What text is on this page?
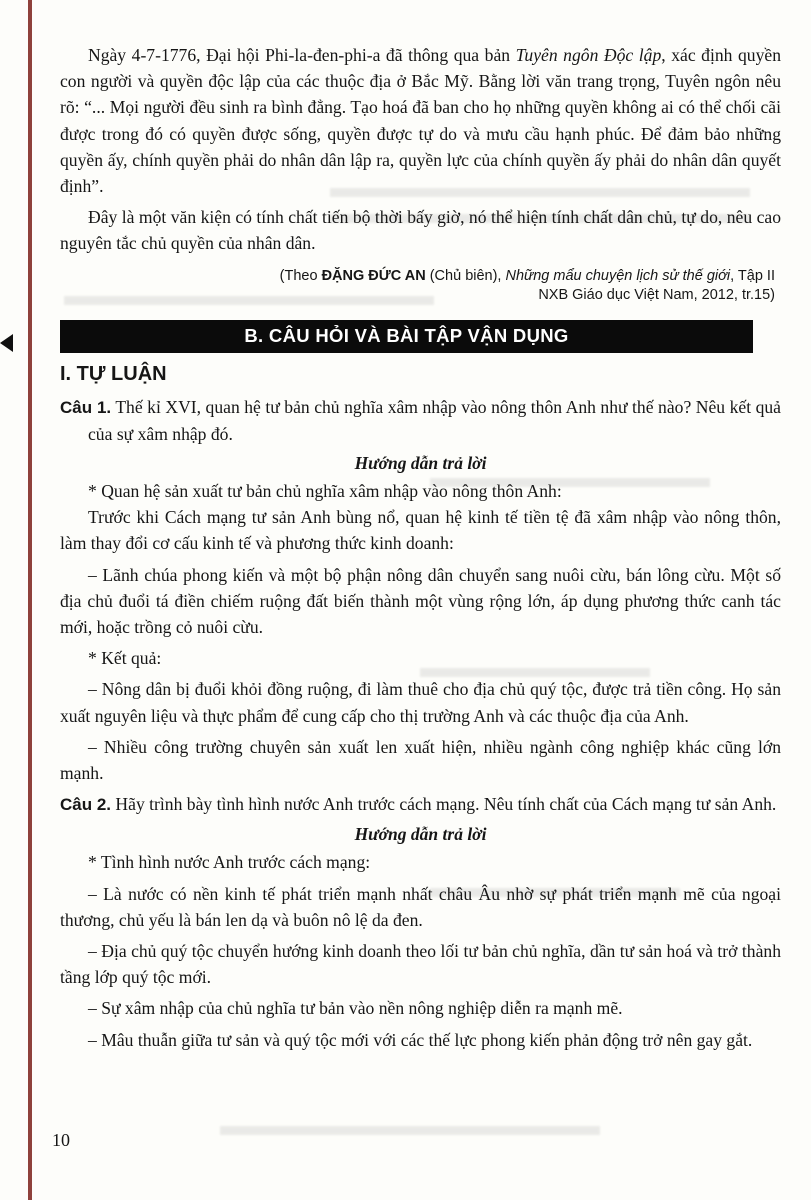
Ngày 4-7-1776, Đại hội Phi-la-đen-phi-a đã thông qua bản Tuyên ngôn Độc lập, xác định quyền con người và quyền độc lập của các thuộc địa ở Bắc Mỹ. Bằng lời văn trang trọng, Tuyên ngôn nêu rõ: “... Mọi người đều sinh ra bình đẳng. Tạo hoá đã ban cho họ những quyền không ai có thể chối cãi được trong đó có quyền được sống, quyền được tự do và mưu cầu hạnh phúc. Để đảm bảo những quyền ấy, chính quyền phải do nhân dân lập ra, quyền lực của chính quyền ấy phải do nhân dân quyết định”.

Đây là một văn kiện có tính chất tiến bộ thời bấy giờ, nó thể hiện tính chất dân chủ, tự do, nêu cao nguyên tắc chủ quyền của nhân dân.

(Theo ĐẶNG ĐỨC AN (Chủ biên), Những mẩu chuyện lịch sử thế giới, Tập II
NXB Giáo dục Việt Nam, 2012, tr.15)
B. CÂU HỎI VÀ BÀI TẬP VẬN DỤNG
I. TỰ LUẬN

Câu 1. Thế kỉ XVI, quan hệ tư bản chủ nghĩa xâm nhập vào nông thôn Anh như thế nào? Nêu kết quả của sự xâm nhập đó.

Hướng dẫn trả lời

* Quan hệ sản xuất tư bản chủ nghĩa xâm nhập vào nông thôn Anh:

Trước khi Cách mạng tư sản Anh bùng nổ, quan hệ kinh tế tiền tệ đã xâm nhập vào nông thôn, làm thay đổi cơ cấu kinh tế và phương thức kinh doanh:

– Lãnh chúa phong kiến và một bộ phận nông dân chuyển sang nuôi cừu, bán lông cừu. Một số địa chủ đuổi tá điền chiếm ruộng đất biến thành một vùng rộng lớn, áp dụng phương thức canh tác mới, hoặc trồng cỏ nuôi cừu.

* Kết quả:

– Nông dân bị đuổi khỏi đồng ruộng, đi làm thuê cho địa chủ quý tộc, được trả tiền công. Họ sản xuất nguyên liệu và thực phẩm để cung cấp cho thị trường Anh và các thuộc địa của Anh.

– Nhiều công trường chuyên sản xuất len xuất hiện, nhiều ngành công nghiệp khác cũng lớn mạnh.

Câu 2. Hãy trình bày tình hình nước Anh trước cách mạng. Nêu tính chất của Cách mạng tư sản Anh.

Hướng dẫn trả lời

* Tình hình nước Anh trước cách mạng:

– Là nước có nền kinh tế phát triển mạnh nhất châu Âu nhờ sự phát triển mạnh mẽ của ngoại thương, chủ yếu là bán len dạ và buôn nô lệ da đen.

– Địa chủ quý tộc chuyển hướng kinh doanh theo lối tư bản chủ nghĩa, dần tư sản hoá và trở thành tầng lớp quý tộc mới.

– Sự xâm nhập của chủ nghĩa tư bản vào nền nông nghiệp diễn ra mạnh mẽ.

– Mâu thuẫn giữa tư sản và quý tộc mới với các thế lực phong kiến phản động trở nên gay gắt.

10
